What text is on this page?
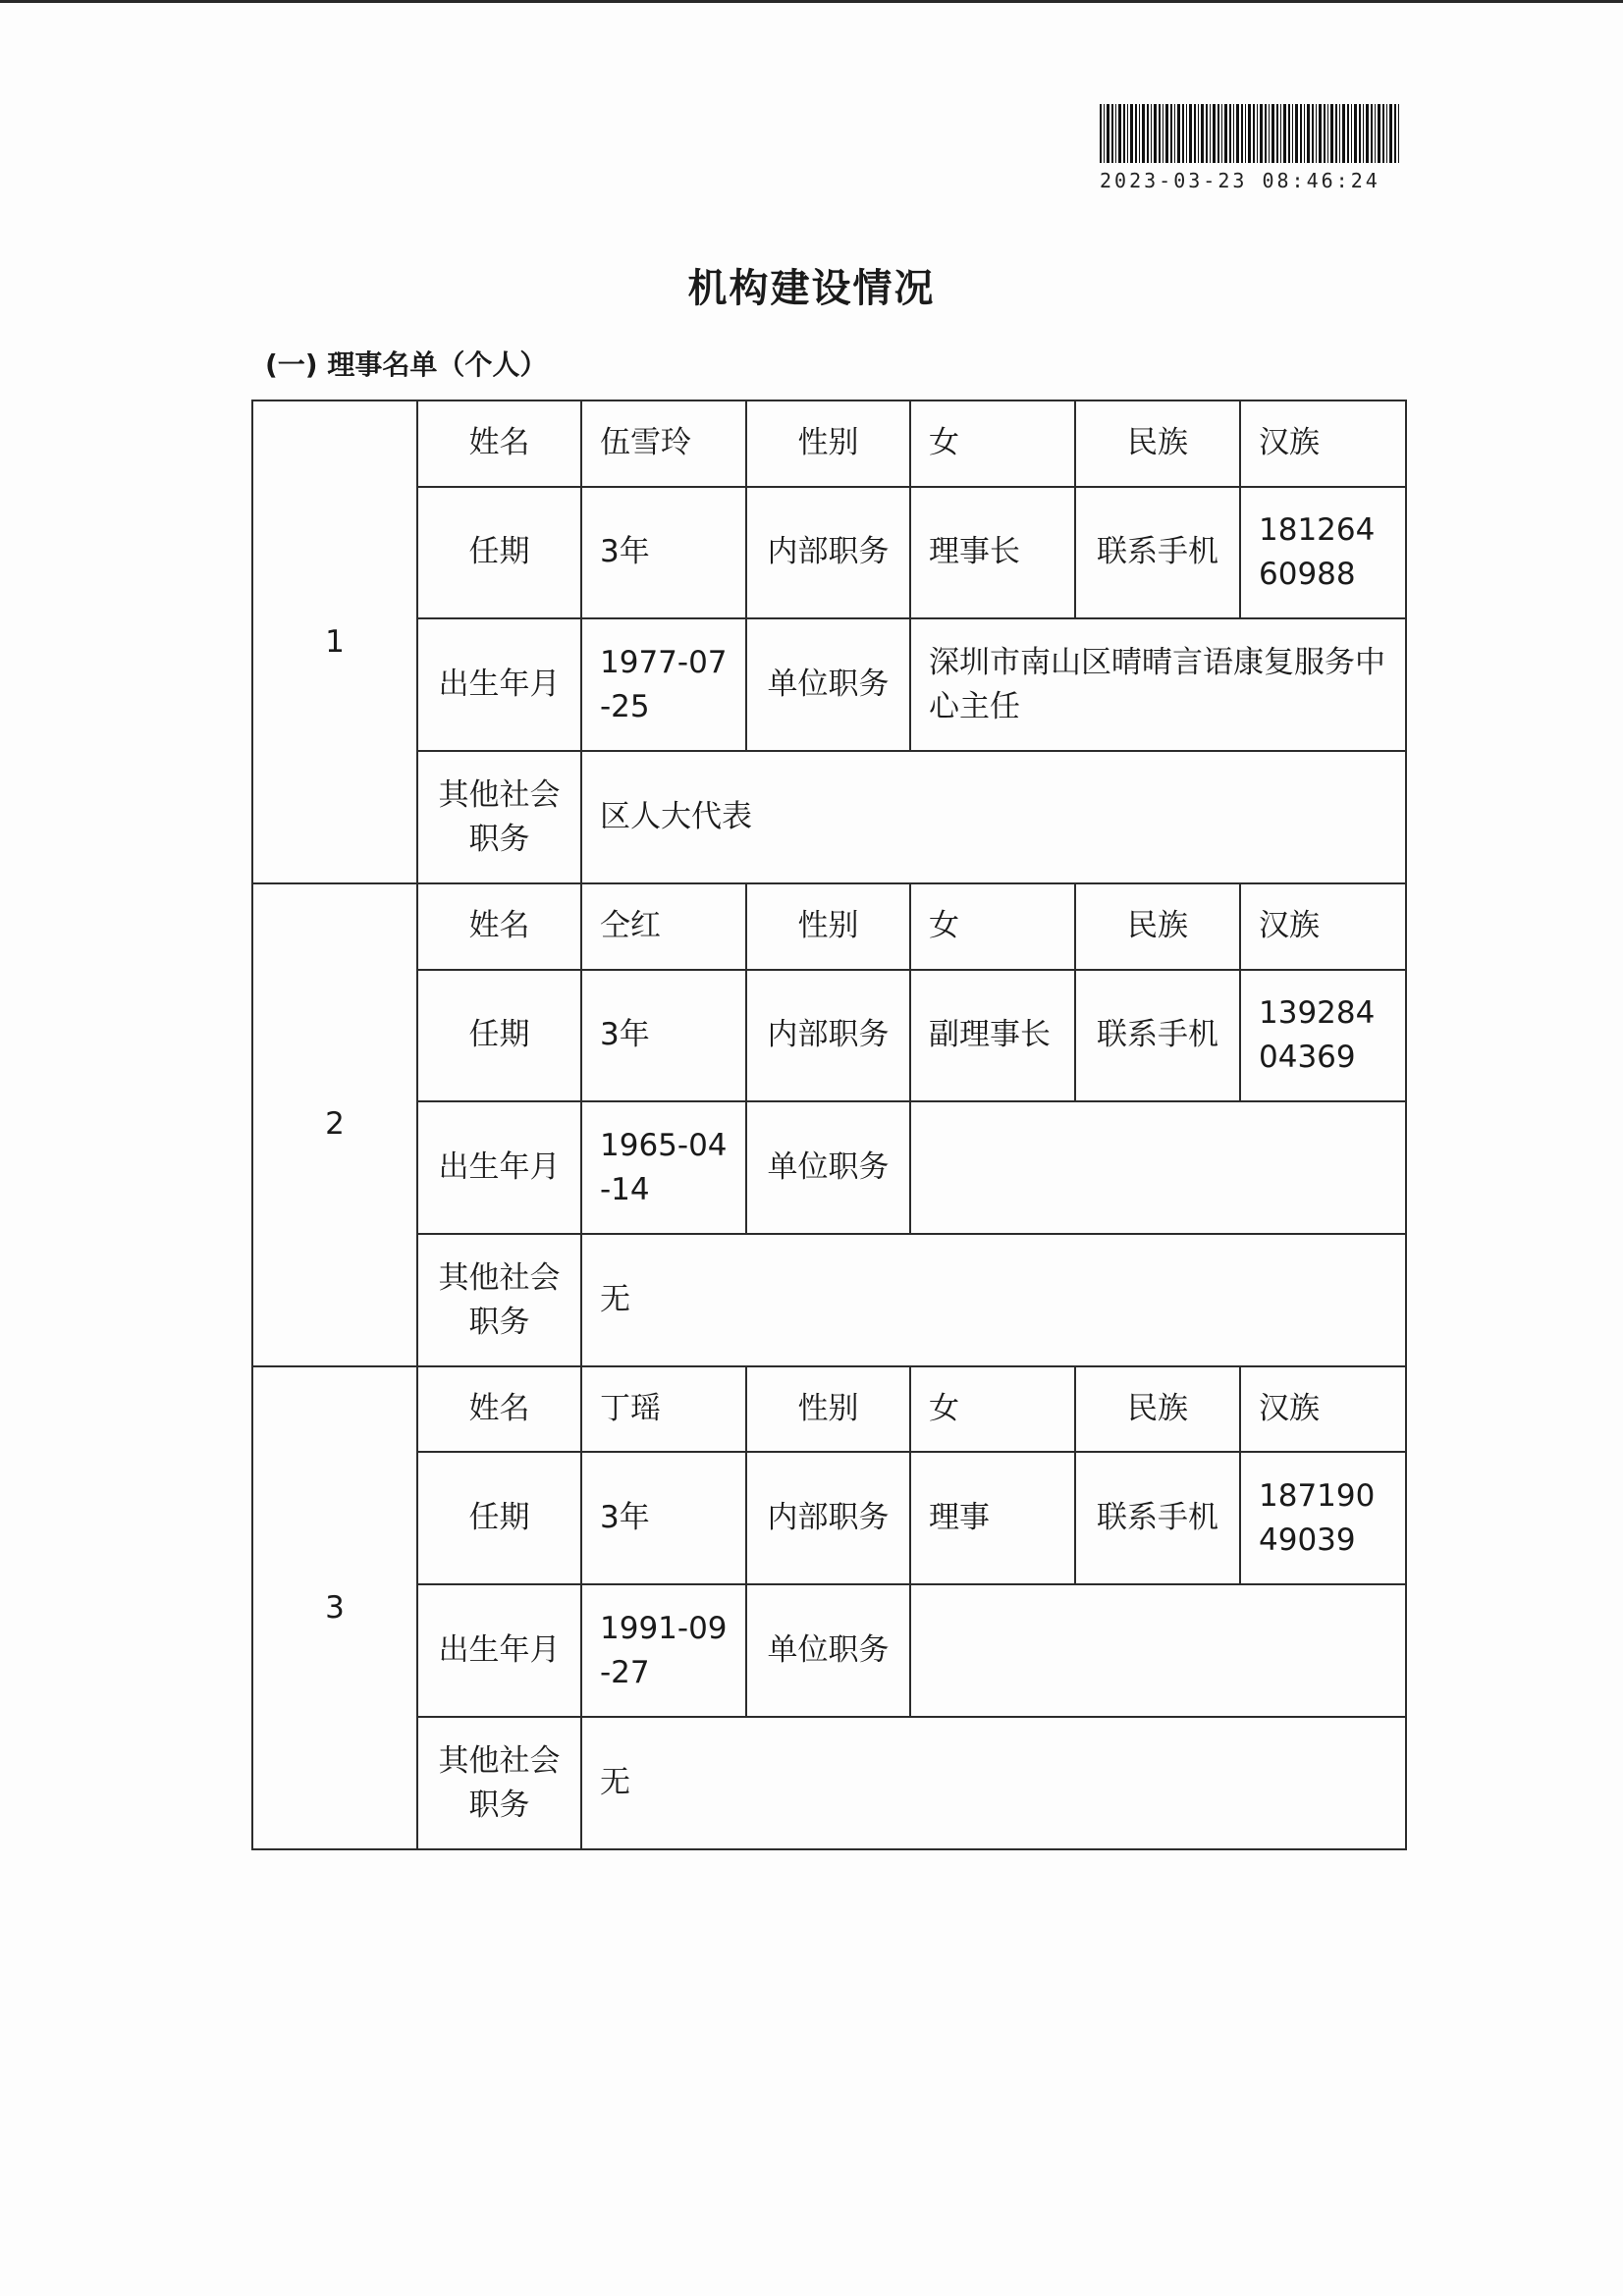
2023-03-23 08:46:24
机构建设情况
(一) 理事名单（个人）
1	姓名	伍雪玲	性别	女	民族	汉族
	任期	3年	内部职务	理事长	联系手机	18126460988
	出生年月	1977-07-25	单位职务	深圳市南山区晴晴言语康复服务中心主任		
	其他社会职务	区人大代表				
2	姓名	仝红	性别	女	民族	汉族
	任期	3年	内部职务	副理事长	联系手机	13928404369
	出生年月	1965-04-14	单位职务			
	其他社会职务	无				
3	姓名	丁瑶	性别	女	民族	汉族
	任期	3年	内部职务	理事	联系手机	18719049039
	出生年月	1991-09-27	单位职务			
	其他社会职务	无				
